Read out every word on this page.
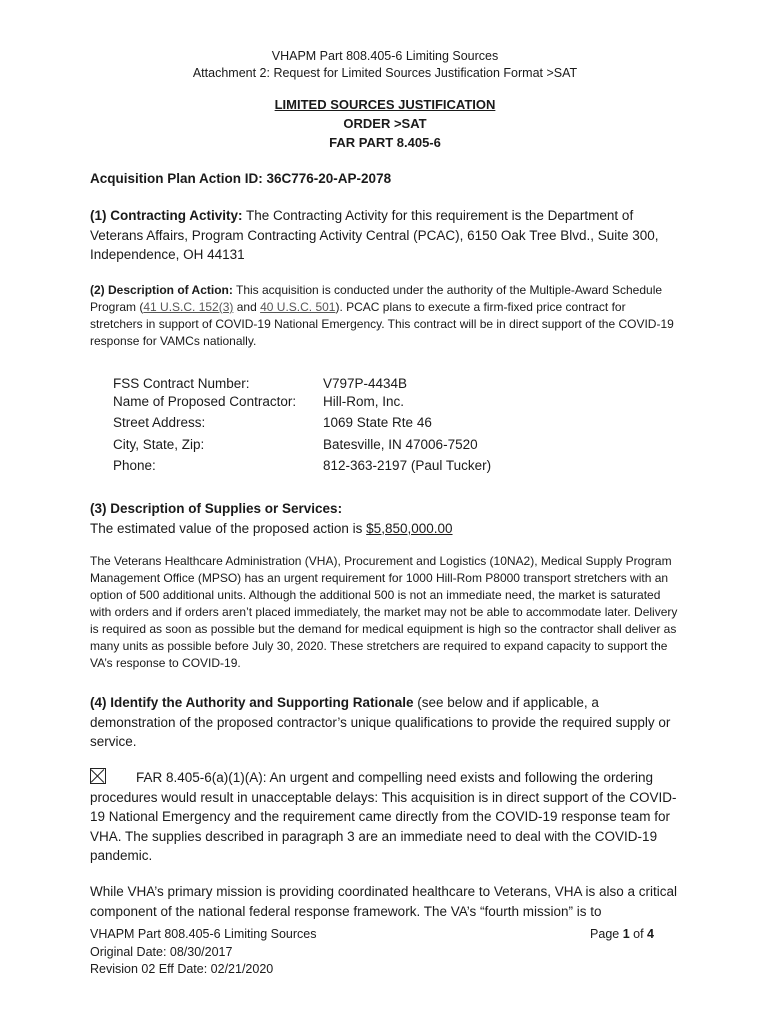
VHAPM Part 808.405-6 Limiting Sources
Attachment 2: Request for Limited Sources Justification Format >SAT
LIMITED SOURCES JUSTIFICATION
ORDER >SAT
FAR PART 8.405-6
Acquisition Plan Action ID: 36C776-20-AP-2078
(1) Contracting Activity: The Contracting Activity for this requirement is the Department of Veterans Affairs, Program Contracting Activity Central (PCAC), 6150 Oak Tree Blvd., Suite 300, Independence, OH 44131
(2) Description of Action: This acquisition is conducted under the authority of the Multiple-Award Schedule Program (41 U.S.C. 152(3) and 40 U.S.C. 501). PCAC plans to execute a firm-fixed price contract for stretchers in support of COVID-19 National Emergency. This contract will be in direct support of the COVID-19 response for VAMCs nationally.
FSS Contract Number:	V797P-4434B
Name of Proposed Contractor:	Hill-Rom, Inc.
Street Address:	1069 State Rte 46
City, State, Zip:	Batesville, IN 47006-7520
Phone:	812-363-2197 (Paul Tucker)
(3) Description of Supplies or Services:
The estimated value of the proposed action is $5,850,000.00
The Veterans Healthcare Administration (VHA), Procurement and Logistics (10NA2), Medical Supply Program Management Office (MPSO) has an urgent requirement for 1000 Hill-Rom P8000 transport stretchers with an option of 500 additional units. Although the additional 500 is not an immediate need, the market is saturated with orders and if orders aren’t placed immediately, the market may not be able to accommodate later. Delivery is required as soon as possible but the demand for medical equipment is high so the contractor shall deliver as many units as possible before July 30, 2020. These stretchers are required to expand capacity to support the VA’s response to COVID-19.
(4) Identify the Authority and Supporting Rationale (see below and if applicable, a demonstration of the proposed contractor’s unique qualifications to provide the required supply or service.
FAR 8.405-6(a)(1)(A): An urgent and compelling need exists and following the ordering procedures would result in unacceptable delays: This acquisition is in direct support of the COVID-19 National Emergency and the requirement came directly from the COVID-19 response team for VHA. The supplies described in paragraph 3 are an immediate need to deal with the COVID-19 pandemic.
While VHA’s primary mission is providing coordinated healthcare to Veterans, VHA is also a critical component of the national federal response framework. The VA’s “fourth mission” is to
VHAPM Part 808.405-6 Limiting Sources
Original Date: 08/30/2017
Revision 02 Eff Date: 02/21/2020
Page 1 of 4
